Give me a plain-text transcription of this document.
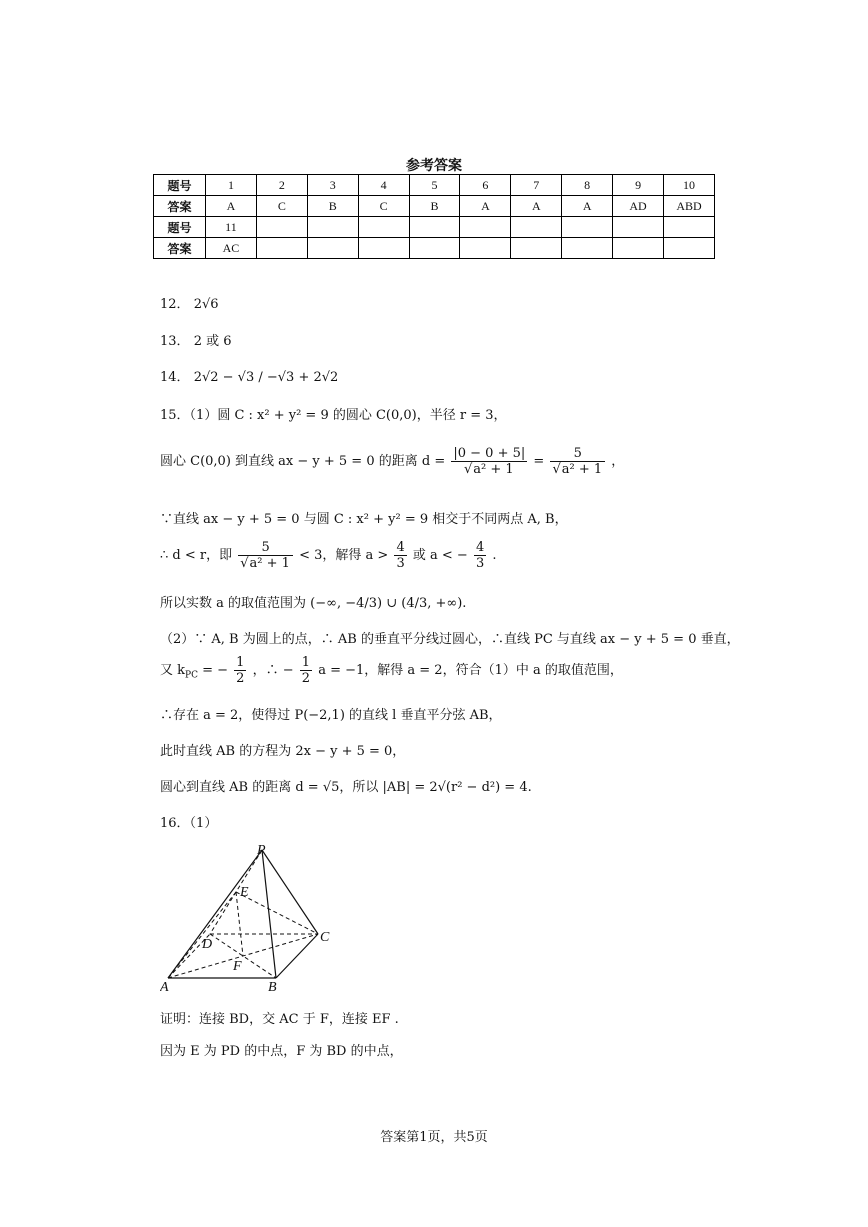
参考答案
题号	1	2	3	4	5	6	7	8	9	10
答案	A	C	B	C	B	A	A	A	AD	ABD
题号	11									
答案	AC									
12． 2√6
13． 2 或 6
14． 2√2 − √3 / −√3 + 2√2
15．（1）圆 C : x² + y² = 9 的圆心 C(0,0)，半径 r = 3，
圆心 C(0,0) 到直线 ax − y + 5 = 0 的距离 $d = \frac{|0 - 0 + 5|}{\text{√a² + 1}} = \frac{5}{\text{√a² + 1}}$ ，
∵直线 ax − y + 5 = 0 与圆 C : x² + y² = 9 相交于不同两点 A, B，
∴ d < r，即 $\frac{5}{\text{√a² + 1}} < 3$，解得 $a > \frac{4}{3}$ 或 a < − $\frac{4}{3}$ .
所以实数 a 的取值范围为 (−∞, −4/3) ∪ (4/3, +∞).
（2）∵ A, B 为圆上的点，∴ AB 的垂直平分线过圆心，∴直线 PC 与直线 ax − y + 5 = 0 垂直，
又 $k_{PC}$ = − $\frac{1}{2}$ ，∴ − $\frac{1}{2}$ a = −1，解得 a = 2，符合（1）中 a 的取值范围，
∴存在 a = 2，使得过 P(−2,1) 的直线 l 垂直平分弦 AB，
此时直线 AB 的方程为 2x − y + 5 = 0，
圆心到直线 AB 的距离 d = √5，所以 |AB| = 2√(r² − d²) = 4.
16．（1）
P
E
D	C
F
A	B
证明：连接 BD，交 AC 于 F，连接 EF .
因为 E 为 PD 的中点，F 为 BD 的中点，
答案第1页，共5页
